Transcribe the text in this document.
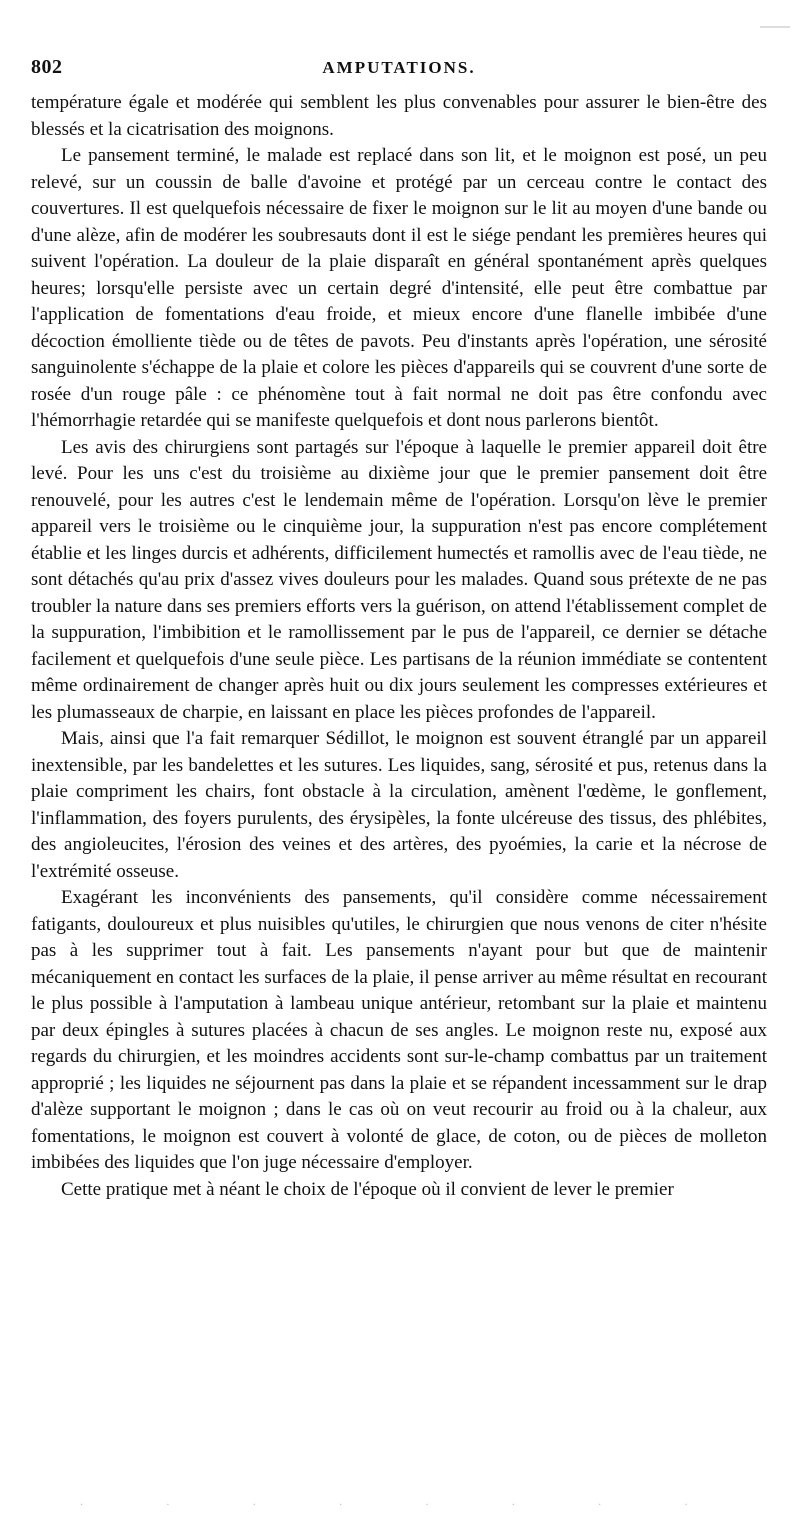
802	AMPUTATIONS.

température égale et modérée qui semblent les plus convenables pour assurer le bien-être des blessés et la cicatrisation des moignons.

Le pansement terminé, le malade est replacé dans son lit, et le moignon est posé, un peu relevé, sur un coussin de balle d'avoine et protégé par un cerceau contre le contact des couvertures. Il est quelquefois nécessaire de fixer le moignon sur le lit au moyen d'une bande ou d'une alèze, afin de modérer les soubresauts dont il est le siége pendant les premières heures qui suivent l'opération. La douleur de la plaie disparaît en général spontanément après quelques heures; lorsqu'elle persiste avec un certain degré d'intensité, elle peut être combattue par l'application de fomentations d'eau froide, et mieux encore d'une flanelle imbibée d'une décoction émolliente tiède ou de têtes de pavots. Peu d'instants après l'opération, une sérosité sanguinolente s'échappe de la plaie et colore les pièces d'appareils qui se couvrent d'une sorte de rosée d'un rouge pâle : ce phénomène tout à fait normal ne doit pas être confondu avec l'hémorrhagie retardée qui se manifeste quelquefois et dont nous parlerons bientôt.

Les avis des chirurgiens sont partagés sur l'époque à laquelle le premier appareil doit être levé. Pour les uns c'est du troisième au dixième jour que le premier pansement doit être renouvelé, pour les autres c'est le lendemain même de l'opération. Lorsqu'on lève le premier appareil vers le troisième ou le cinquième jour, la suppuration n'est pas encore complétement établie et les linges durcis et adhérents, difficilement humectés et ramollis avec de l'eau tiède, ne sont détachés qu'au prix d'assez vives douleurs pour les malades. Quand sous prétexte de ne pas troubler la nature dans ses premiers efforts vers la guérison, on attend l'établissement complet de la suppuration, l'imbibition et le ramollissement par le pus de l'appareil, ce dernier se détache facilement et quelquefois d'une seule pièce. Les partisans de la réunion immédiate se contentent même ordinairement de changer après huit ou dix jours seulement les compresses extérieures et les plumasseaux de charpie, en laissant en place les pièces profondes de l'appareil.

Mais, ainsi que l'a fait remarquer Sédillot, le moignon est souvent étranglé par un appareil inextensible, par les bandelettes et les sutures. Les liquides, sang, sérosité et pus, retenus dans la plaie compriment les chairs, font obstacle à la circulation, amènent l'œdème, le gonflement, l'inflammation, des foyers purulents, des érysipèles, la fonte ulcéreuse des tissus, des phlébites, des angioleucites, l'érosion des veines et des artères, des pyoémies, la carie et la nécrose de l'extrémité osseuse.

Exagérant les inconvénients des pansements, qu'il considère comme nécessairement fatigants, douloureux et plus nuisibles qu'utiles, le chirurgien que nous venons de citer n'hésite pas à les supprimer tout à fait. Les pansements n'ayant pour but que de maintenir mécaniquement en contact les surfaces de la plaie, il pense arriver au même résultat en recourant le plus possible à l'amputation à lambeau unique antérieur, retombant sur la plaie et maintenu par deux épingles à sutures placées à chacun de ses angles. Le moignon reste nu, exposé aux regards du chirurgien, et les moindres accidents sont sur-le-champ combattus par un traitement approprié ; les liquides ne séjournent pas dans la plaie et se répandent incessamment sur le drap d'alèze supportant le moignon ; dans le cas où on veut recourir au froid ou à la chaleur, aux fomentations, le moignon est couvert à volonté de glace, de coton, ou de pièces de molleton imbibées des liquides que l'on juge nécessaire d'employer.

Cette pratique met à néant le choix de l'époque où il convient de lever le premier

· · · · · · · ·
